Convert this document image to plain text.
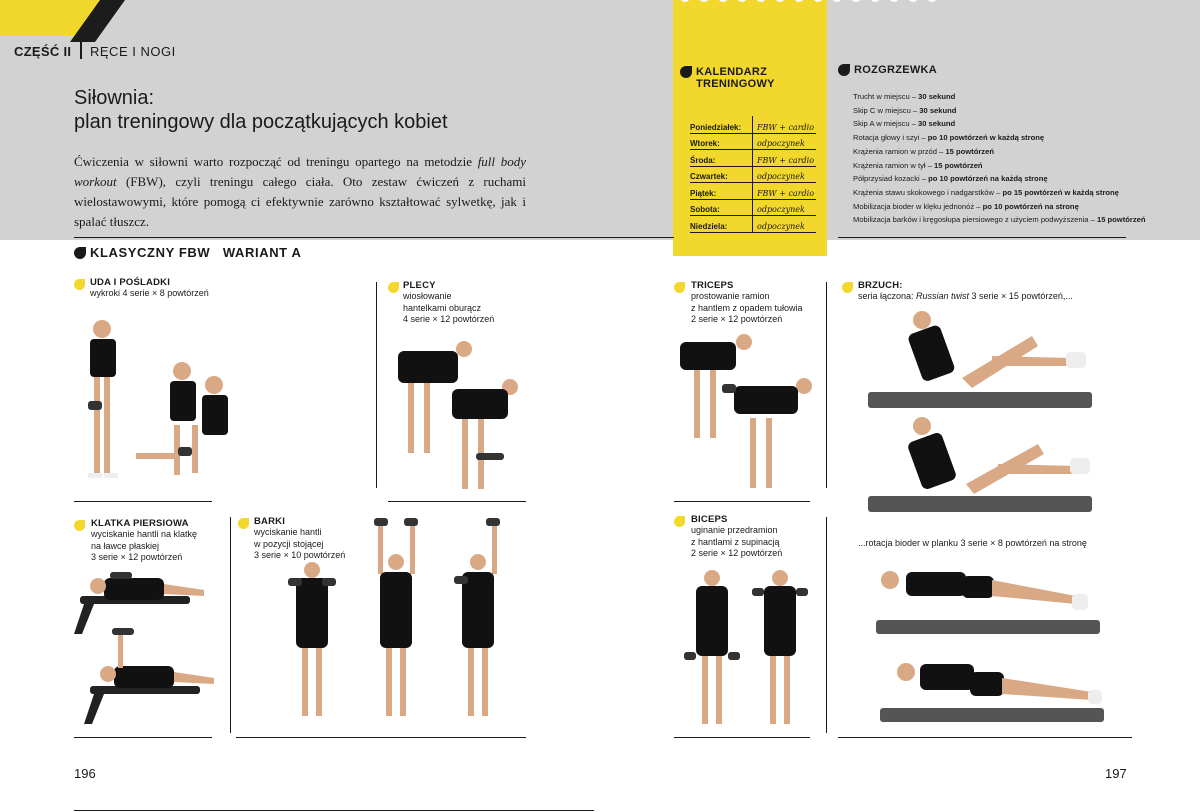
CZĘŚĆ II RĘCE I NOGI
Siłownia:
plan treningowy dla początkujących kobiet

Ćwiczenia w siłowni warto rozpocząć od treningu opartego na metodzie full body workout (FBW), czyli treningu całego ciała. Oto zestaw ćwiczeń z ruchami wielostawowymi, które pomogą ci efektywnie zarówno kształtować sylwetkę, jak i spalać tłuszcz.

KALENDARZ
TRENINGOWY
Poniedziałek:	FBW + cardio
Wtorek:	odpoczynek
Środa:	FBW + cardio
Czwartek:	odpoczynek
Piątek:	FBW + cardio
Sobota:	odpoczynek
Niedziela:	odpoczynek
ROZGRZEWKA
Trucht w miejscu – 30 sekund
Skip C w miejscu – 30 sekund
Skip A w miejscu – 30 sekund
Rotacja głowy i szyi – po 10 powtórzeń w każdą stronę
Krążenia ramion w przód – 15 powtórzeń
Krążenia ramion w tył – 15 powtórzeń
Półprzysiad kozacki – po 10 powtórzeń na każdą stronę
Krążenia stawu skokowego i nadgarstków – po 15 powtórzeń w każdą stronę
Mobilizacja bioder w klęku jednonóż – po 10 powtórzeń na stronę
Mobilizacja barków i kręgosłupa piersiowego z użyciem podwyższenia – 15 powtórzeń
KLASYCZNY FBW   WARIANT A
UDA I POŚLADKI
wykroki 4 serie × 8 powtórzeń
PLECY
wiosłowanie
hantelkami oburącz
4 serie × 12 powtórzeń
TRICEPS
prostowanie ramion
z hantlem z opadem tułowia
2 serie × 12 powtórzeń
BRZUCH:
seria łączona: Russian twist 3 serie × 15 powtórzeń,...
KLATKA PIERSIOWA
wyciskanie hantli na klatkę
na ławce płaskiej
3 serie × 12 powtórzeń
BARKI
wyciskanie hantli
w pozycji stojącej
3 serie × 10 powtórzeń
BICEPS
uginanie przedramion
z hantlami z supinacją
2 serie × 12 powtórzeń
...rotacja bioder w planku 3 serie × 8 powtórzeń na stronę
196	197
